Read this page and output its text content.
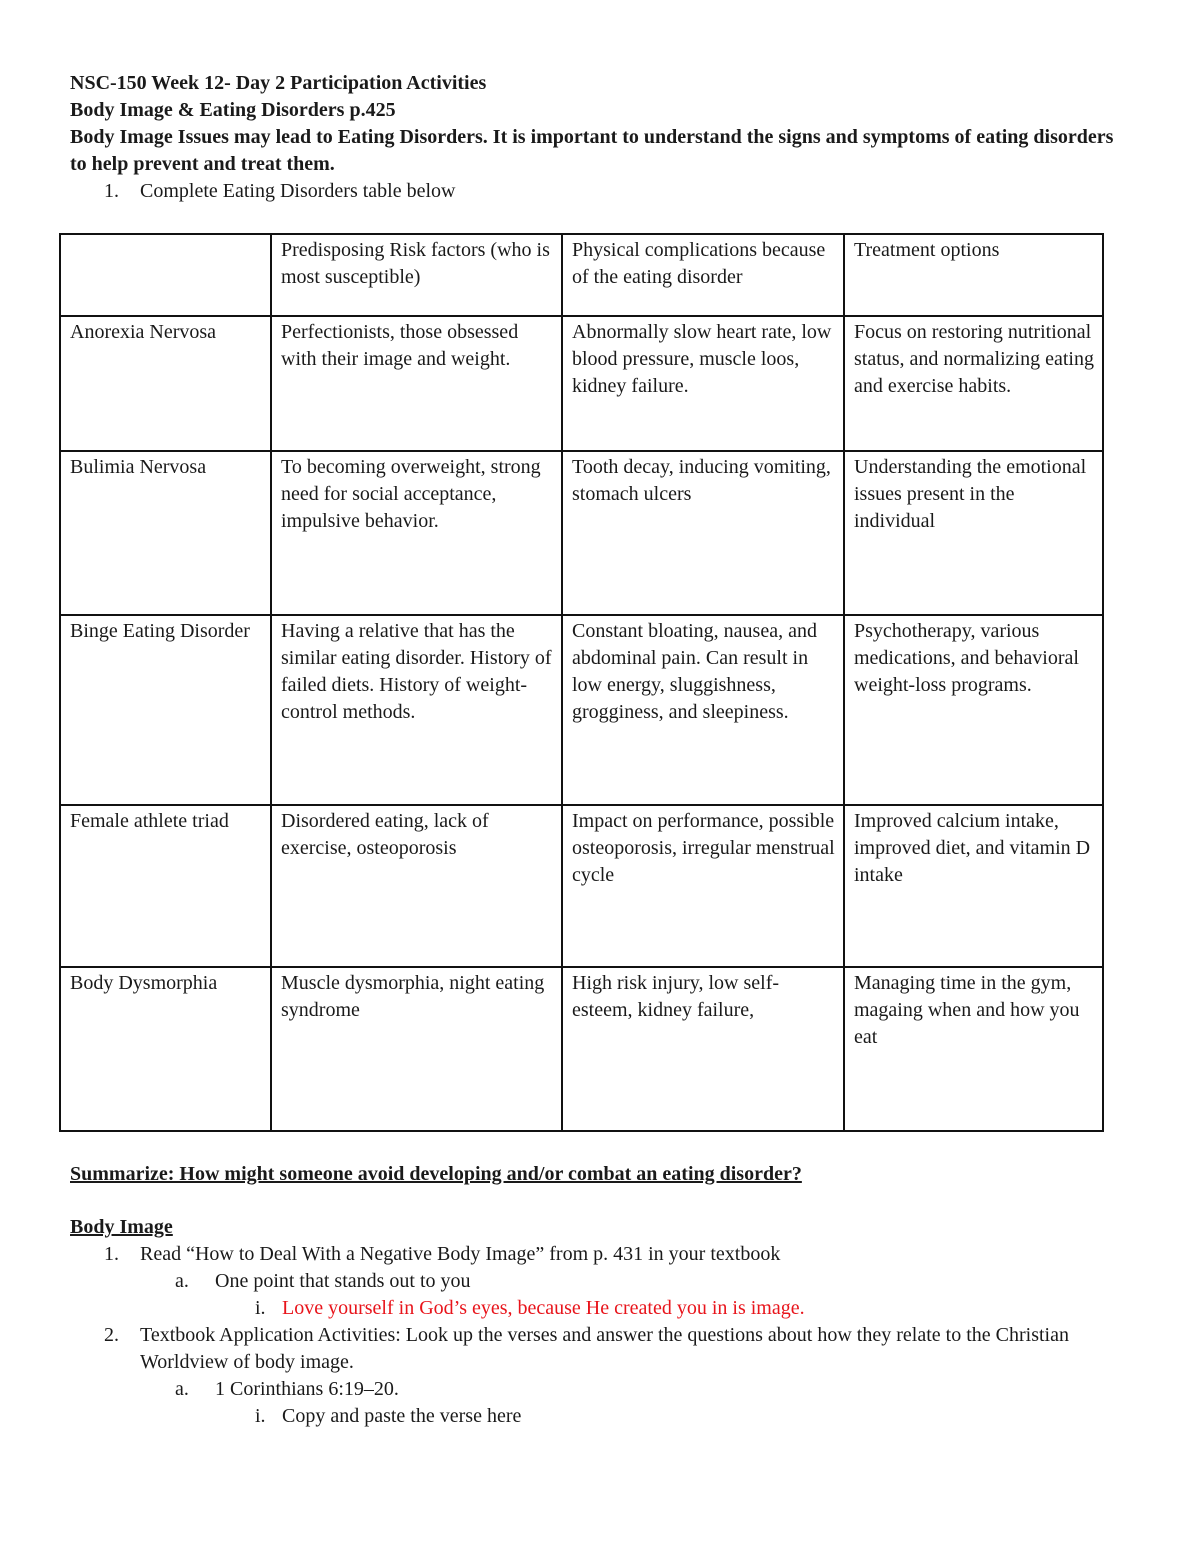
NSC-150 Week 12- Day 2 Participation Activities

Body Image & Eating Disorders p.425

Body Image Issues may lead to Eating Disorders. It is important to understand the signs and symptoms of eating disorders to help prevent and treat them.

1. Complete Eating Disorders table below
	Predisposing Risk factors (who is most susceptible)	Physical complications because of the eating disorder	Treatment options
Anorexia Nervosa	Perfectionists, those obsessed with their image and weight.	Abnormally slow heart rate, low blood pressure, muscle loos, kidney failure.	Focus on restoring nutritional status, and normalizing eating and exercise habits.
Bulimia Nervosa	To becoming overweight, strong need for social acceptance, impulsive behavior.	Tooth decay, inducing vomiting, stomach ulcers	Understanding the emotional issues present in the individual
Binge Eating Disorder	Having a relative that has the similar eating disorder. History of failed diets. History of weight-control methods.	Constant bloating, nausea, and abdominal pain. Can result in low energy, sluggishness, grogginess, and sleepiness.	Psychotherapy, various medications, and behavioral weight-loss programs.
Female athlete triad	Disordered eating, lack of exercise, osteoporosis	Impact on performance, possible osteoporosis, irregular menstrual cycle	Improved calcium intake, improved diet, and vitamin D intake
Body Dysmorphia	Muscle dysmorphia, night eating syndrome	High risk injury, low self-esteem, kidney failure,	Managing time in the gym, magaing when and how you eat
Summarize: How might someone avoid developing and/or combat an eating disorder?
Body Image
1. Read “How to Deal With a Negative Body Image” from p. 431 in your textbook
a. One point that stands out to you
i. Love yourself in God’s eyes, because He created you in is image.
2. Textbook Application Activities: Look up the verses and answer the questions about how they relate to the Christian Worldview of body image.
a. 1 Corinthians 6:19–20.
i. Copy and paste the verse here
